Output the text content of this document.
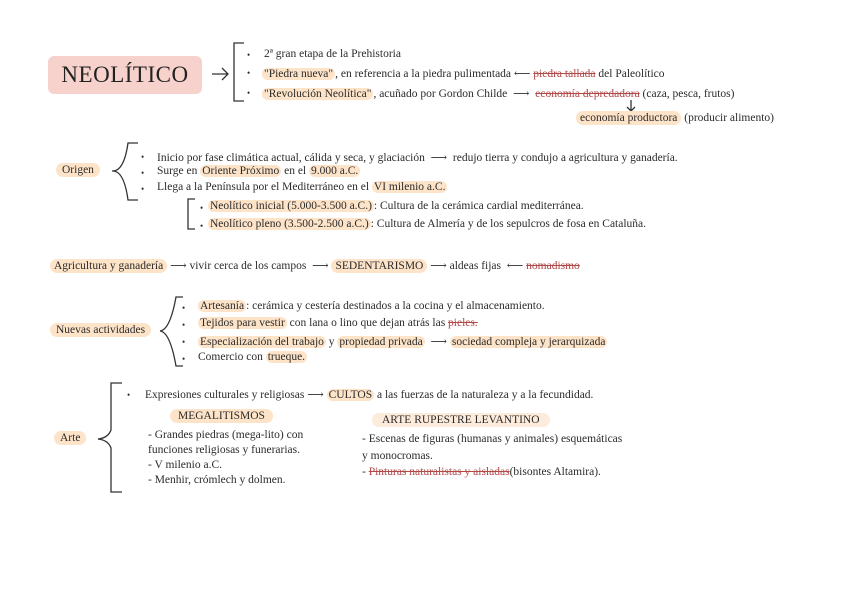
NEOLÍTICO
• 2ª gran etapa de la Prehistoria
• "Piedra nueva" , en referencia a la piedra pulimentada ⟵ piedra tallada del Paleolítico
• "Revolución Neolítica" , acuñado por Gordon Childe  ⟶  economía depredadora (caza, pesca, frutos)
economía productora (producir alimento)
Origen
• Inicio por fase climática actual, cálida y seca, y glaciación  ⟶  redujo tierra y condujo a agricultura y ganadería.
• Surge en Oriente Próximo en el 9.000 a.C.
• Llega a la Península por el Mediterráneo en el VI milenio a.C.
• Neolítico inicial (5.000-3.500 a.C.) : Cultura de la cerámica cardial mediterránea.
• Neolítico pleno (3.500-2.500 a.C.) : Cultura de Almería y de los sepulcros de fosa en Cataluña.
Agricultura y ganadería ⟶ vivir cerca de los campos  ⟶ SEDENTARISMO ⟶ aldeas fijas  ⟵ nomadismo
Nuevas actividades
• Artesanía : cerámica y cestería destinados a la cocina y el almacenamiento.
• Tejidos para vestir con lana o lino que dejan atrás las pieles.
• Especialización del trabajo y propiedad privada  ⟶ sociedad compleja y jerarquizada
• Comercio con trueque.
Arte
• Expresiones culturales y religiosas ⟶ CULTOS a las fuerzas de la naturaleza y a la fecundidad.
MEGALITISMOS
- Grandes piedras (mega-lito) con
funciones religiosas y funerarias.
- V milenio a.C.
- Menhir, crómlech y dolmen.
ARTE RUPESTRE LEVANTINO
- Escenas de figuras (humanas y animales) esquemáticas
y monocromas.
- Pinturas naturalistas y aisladas(bisontes Altamira).
